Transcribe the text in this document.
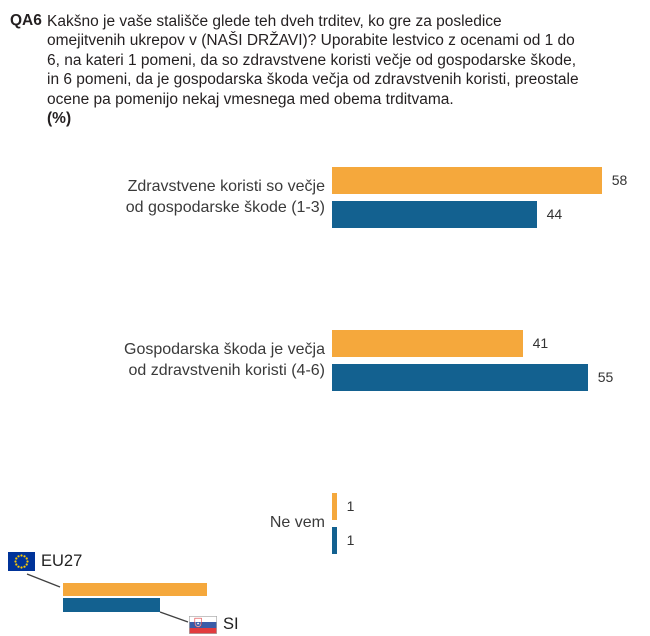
QA6 Kakšno je vaše stališče glede teh dveh trditev, ko gre za posledice
omejitvenih ukrepov v (NAŠI DRŽAVI)? Uporabite lestvico z ocenami od 1 do
6, na kateri 1 pomeni, da so zdravstvene koristi večje od gospodarske škode,
in 6 pomeni, da je gospodarska škoda večja od zdravstvenih koristi, preostale
ocene pa pomenijo nekaj vmesnega med obema trditvama.
(%)
Zdravstvene koristi so večje
od gospodarske škode (1-3)
58
44
Gospodarska škoda je večja
od zdravstvenih koristi (4-6)
41
55
Ne vem
1
1
EU27
SI
